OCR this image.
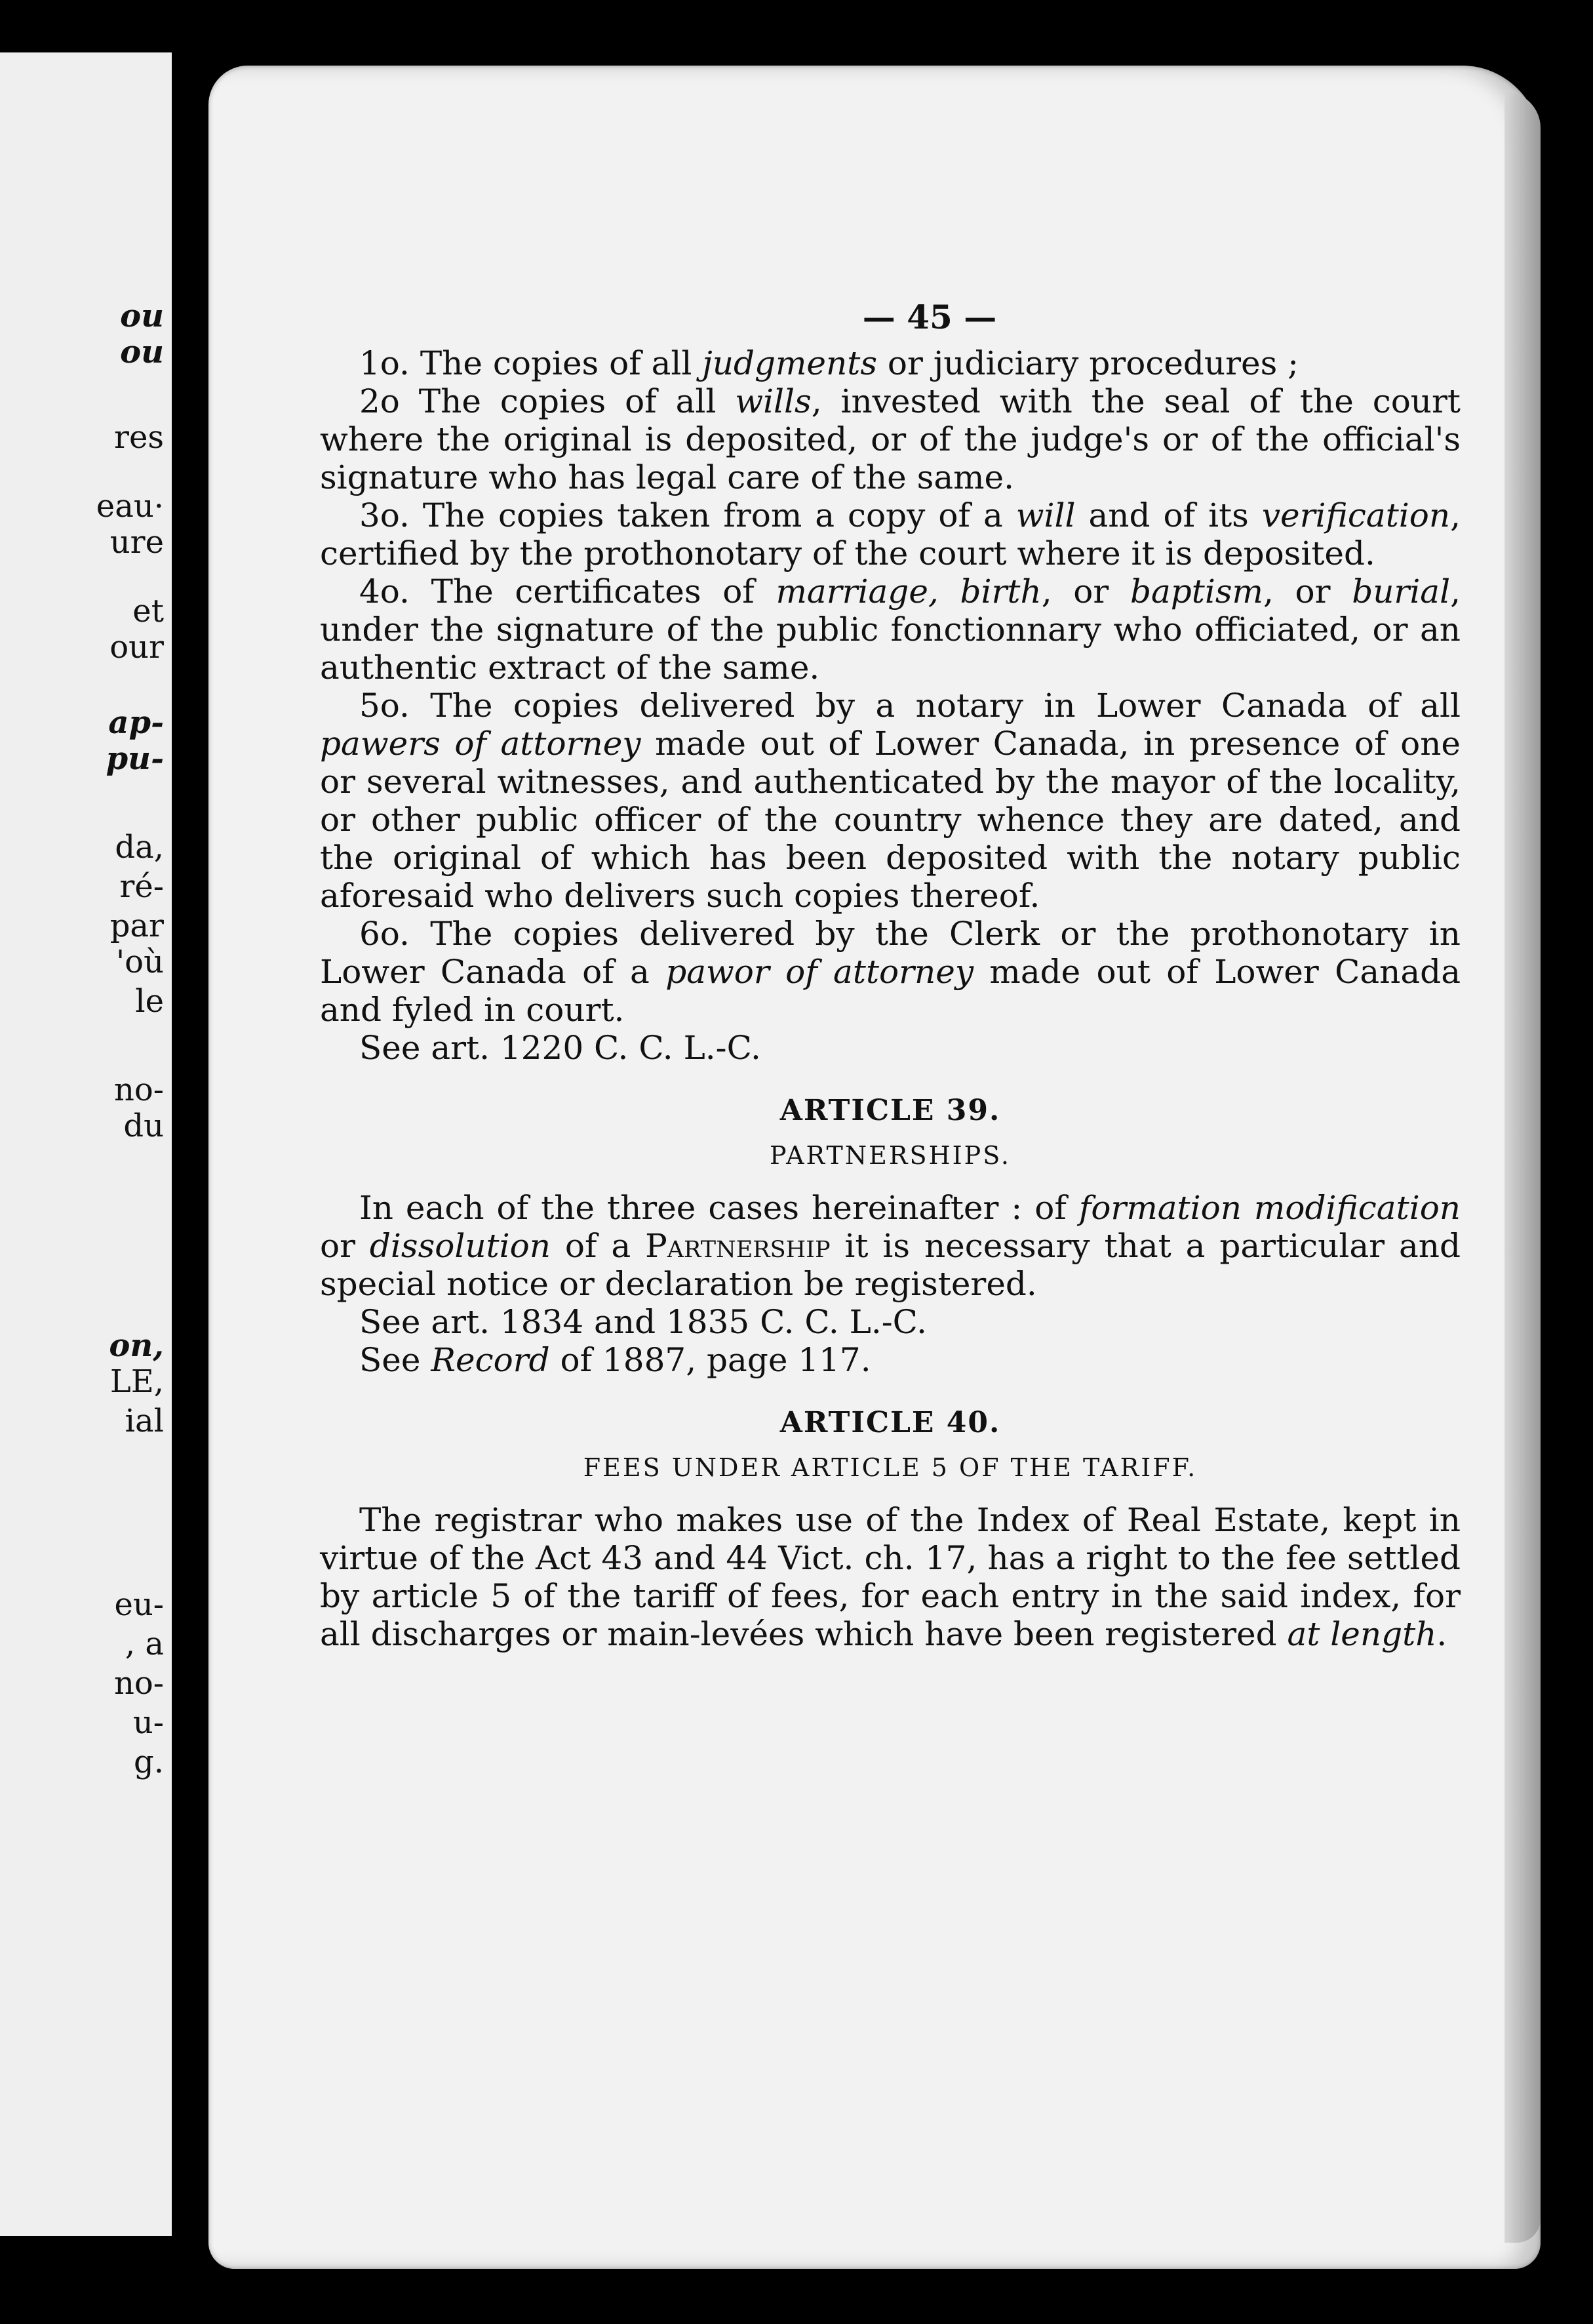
ou
ou
res
eau·
ure
et
our
ap-
pu-
da,
ré-
par
'où
le
no-
du
on,
LE,
ial
eu-
, a
no-
u-
g.

— 45 —

1o. The copies of all judgments or judiciary procedures ;

2o The copies of all wills, invested with the seal of the court where the original is deposited, or of the judge's or of the official's signature who has legal care of the same.

3o. The copies taken from a copy of a will and of its verification, certified by the prothonotary of the court where it is deposited.

4o. The certificates of marriage, birth, or baptism, or burial, under the signature of the public fonctionnary who officiated, or an authentic extract of the same.

5o. The copies delivered by a notary in Lower Canada of all pawers of attorney made out of Lower Canada, in presence of one or several witnesses, and authenticated by the mayor of the locality, or other public officer of the country whence they are dated, and the original of which has been deposited with the notary public aforesaid who delivers such copies thereof.

6o. The copies delivered by the Clerk or the prothonotary in Lower Canada of a pawor of attorney made out of Lower Canada and fyled in court.

See art. 1220 C. C. L.-C.

ARTICLE 39.

PARTNERSHIPS.

In each of the three cases hereinafter : of formation modification or dissolution of a Partnership it is necessary that a particular and special notice or declaration be registered.

See art. 1834 and 1835 C. C. L.-C.

See Record of 1887, page 117.

ARTICLE 40.

FEES UNDER ARTICLE 5 OF THE TARIFF.

The registrar who makes use of the Index of Real Estate, kept in virtue of the Act 43 and 44 Vict. ch. 17, has a right to the fee settled by article 5 of the tariff of fees, for each entry in the said index, for all discharges or main-levées which have been registered at length.
